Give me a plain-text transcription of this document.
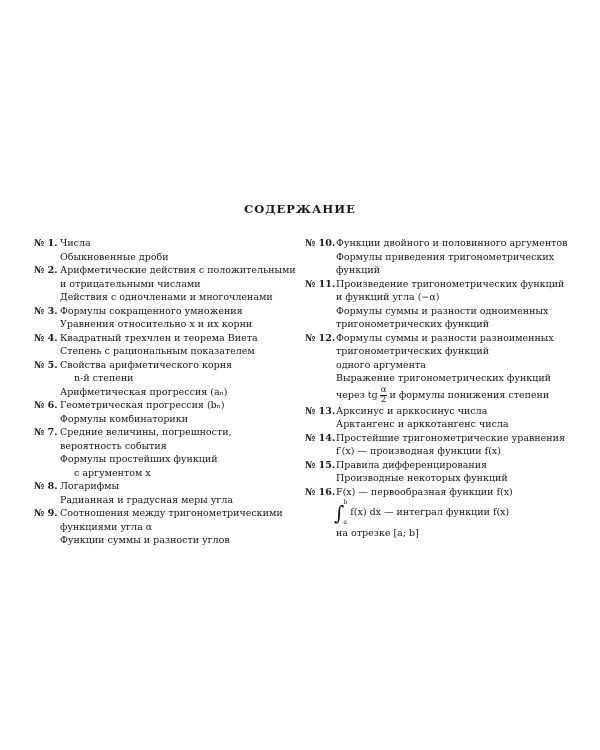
СОДЕРЖАНИЕ
№ 1. Числа
Обыкновенные дроби
№ 2. Арифметические действия с положительными
и отрицательными числами
Действия с одночленами и многочленами
№ 3. Формулы сокращенного умножения
Уравнения относительно x и их корни
№ 4. Квадратный трехчлен и теорема Виета
Степень с рациональным показателем
№ 5. Свойства арифметического корня
n-й степени
Арифметическая прогрессия (aₙ)
№ 6. Геометрическая прогрессия (bₙ)
Формулы комбинаторики
№ 7. Средние величины, погрешности,
вероятность события
Формулы простейших функций
с аргументом x
№ 8. Логарифмы
Радианная и градусная меры угла
№ 9. Соотношения между тригонометрическими
функциями угла α
Функции суммы и разности углов
№ 10. Функции двойного и половинного аргументов
Формулы приведения тригонометрических
функций
№ 11. Произведение тригонометрических функций
и функций угла (−α)
Формулы суммы и разности одноименных
тригонометрических функций
№ 12. Формулы суммы и разности разноименных
тригонометрических функций
одного аргумента
Выражение тригонометрических функций
через tg $\frac{\alpha}{2}$ и формулы понижения степени
№ 13. Арксинус и арккосинус числа
Арктангенс и арккотангенс числа
№ 14. Простейшие тригонометрические уравнения
f′(x) — производная функции f(x)
№ 15. Правила дифференцирования
Производные некоторых функций
№ 16. F(x) — первообразная функции f(x)
∫ b
a
f(x) dx — интеграл функции f(x)
на отрезке [a; b]
